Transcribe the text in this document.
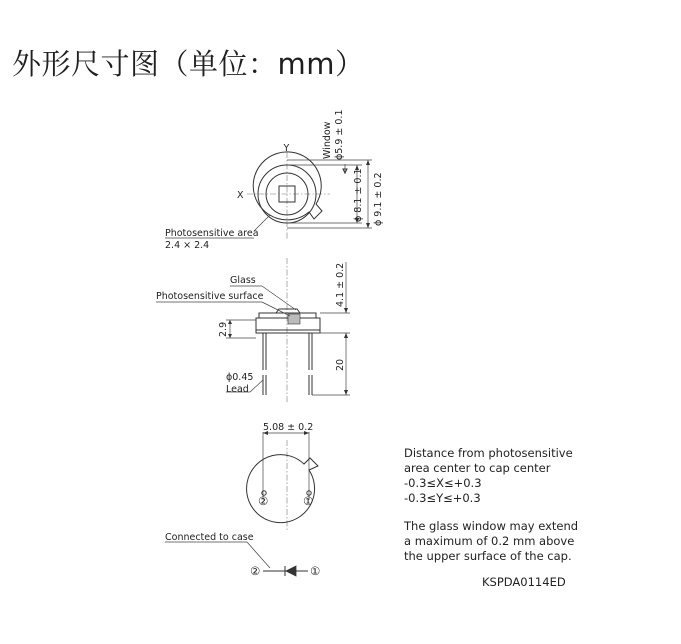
外形尺寸图（单位：mm）
Y
X
Window ϕ5.9 ± 0.1
ϕ 8.1 ± 0.1 ϕ 9.1 ± 0.2
Photosensitive area
2.4 × 2.4
Glass
Photosensitive surface	4.1 ± 0.2
20
2.9
ϕ0.45
Lead
5.08 ± 0.2
②	①
Connected to case
②	①
Distance from photosensitive
area center to cap center
-0.3≤X≤+0.3
-0.3≤Y≤+0.3
The glass window may extend
a maximum of 0.2 mm above
the upper surface of the cap.
KSPDA0114ED
